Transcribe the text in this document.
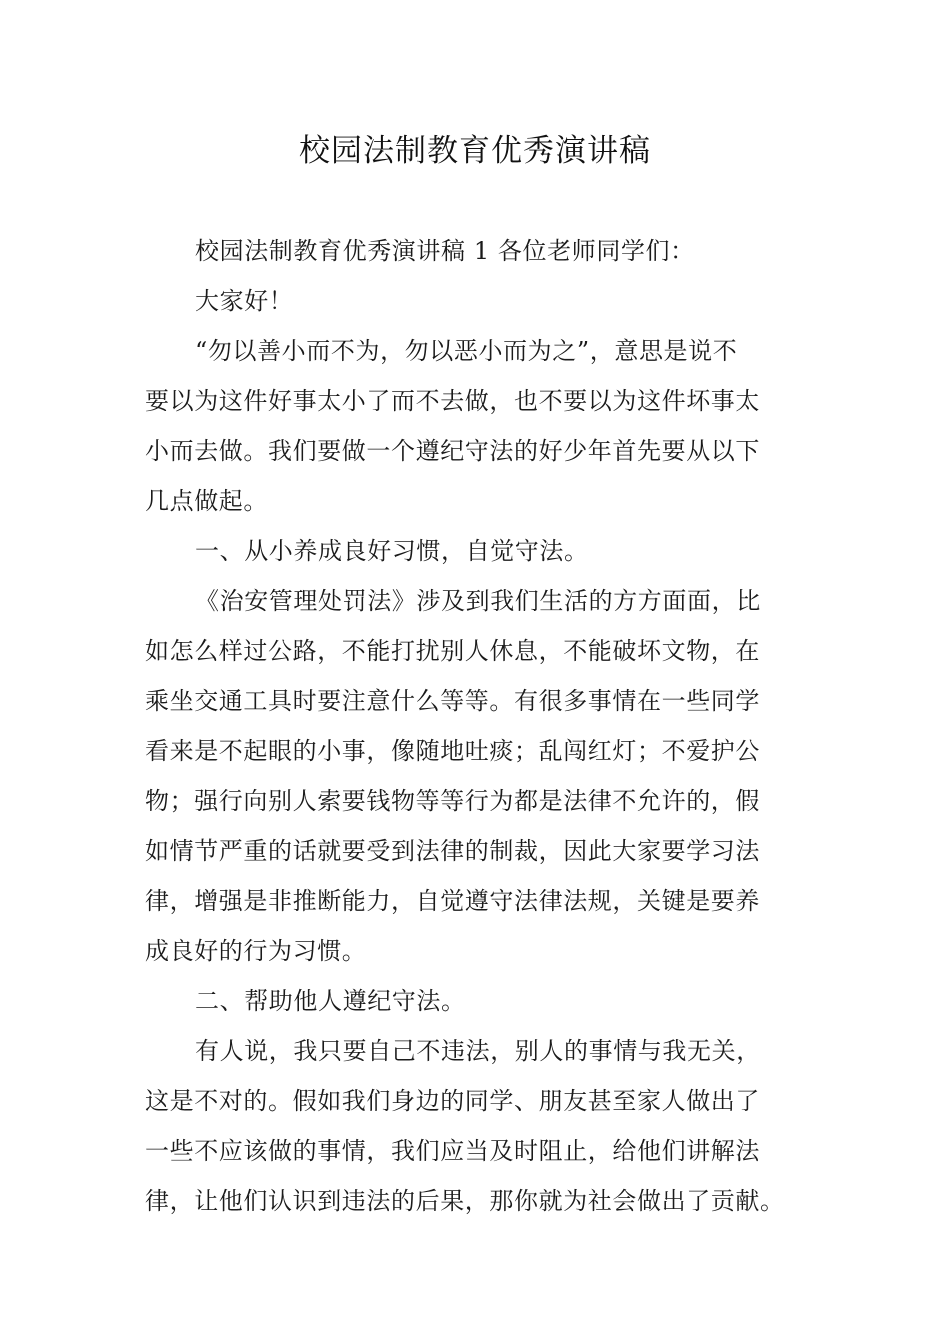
校园法制教育优秀演讲稿

校园法制教育优秀演讲稿 1 各位老师同学们：

大家好！

“勿以善小而不为，勿以恶小而为之”，意思是说不
要以为这件好事太小了而不去做，也不要以为这件坏事太
小而去做。我们要做一个遵纪守法的好少年首先要从以下
几点做起。

一、从小养成良好习惯，自觉守法。

《治安管理处罚法》涉及到我们生活的方方面面，比
如怎么样过公路，不能打扰别人休息，不能破坏文物，在
乘坐交通工具时要注意什么等等。有很多事情在一些同学
看来是不起眼的小事，像随地吐痰；乱闯红灯；不爱护公
物；强行向别人索要钱物等等行为都是法律不允许的，假
如情节严重的话就要受到法律的制裁，因此大家要学习法
律，增强是非推断能力，自觉遵守法律法规，关键是要养
成良好的行为习惯。

二、帮助他人遵纪守法。

有人说，我只要自己不违法，别人的事情与我无关，
这是不对的。假如我们身边的同学、朋友甚至家人做出了
一些不应该做的事情，我们应当及时阻止，给他们讲解法
律，让他们认识到违法的后果，那你就为社会做出了贡献。
